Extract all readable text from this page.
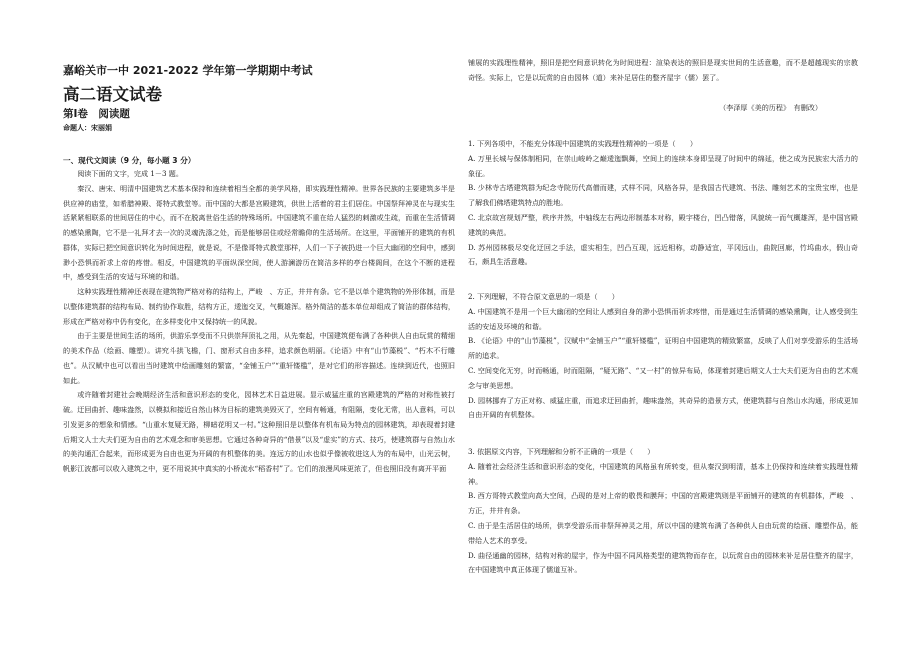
嘉峪关市一中 2021-2022 学年第一学期期中考试
高二语文试卷
第Ⅰ卷　阅读题
命题人：宋丽娟
一、现代文阅读（9 分，每小题 3 分）

阅读下面的文字，完成 1－3 题。

秦汉、唐宋、明清中国建筑艺术基本保持和连续着相当全都的美学风格，即实践理性精神。世界各民族的主要建筑多半是供应神的庙堂，如希腊神殿、哥特式教堂等。而中国的大都是宫殿建筑，供世上活着的君主们居住。中国祭拜神灵在与现实生活紧紧相联系的世间居住的中心，而不在脱离世俗生活的特殊场所。中国建筑不重在给人猛烈的刺激或生疏，而重在生活情调的感染熏陶，它不是一礼拜才去一次的灵魂洗涤之处，而是能够居住或经常瞻仰的生活场所。在这里，平面铺开的建筑的有机群体，实际已把空间意识转化为时间进程，就是说，不是像哥特式教堂那样，人们一下子被扔进一个巨大幽闭的空间中，感到渺小恐惧而祈求上帝的疼惜。相反，中国建筑的平面纵深空间，使人游澜游历在简洁多样的亭台楼阁间，在这个不断的进程中，感受到生活的安适与环境的和谐。

这种实践理性精神还表现在建筑物严格对称的结构上，严峻　、方正，井井有条。它不是以单个建筑物的外形体制，而是以整体建筑群的结构布局、制约协作取胜，结构方正，逶迤交叉，气概雄浑。格外简洁的基本单位却组成了简洁的群体结构，形成在严格对称中仍有变化，在多样变化中又保持统一的风貌。

由于主要是世间生活的场所，供游乐享受而不只供崇拜顶礼之用，从先秦起，中国建筑便布满了各种供人自由玩赏的精细的美术作品（绘画、雕塑）。讲究斗拱飞檐，门、窗形式自由多样，追求颜色明丽。《论语》中有“山节藻棁”、“朽木不行雕也”。从汉赋中也可以看出当时建筑中绘画雕刻的繁富，“金铺玉户”“重轩镂槛”，是对它们的形容描述。连续到近代，也照旧如此。

或许随着封建社会晚期经济生活和意识形态的变化，园林艺术日益进展。显示威猛庄重的宫殿建筑的严格的对称性被打破。迂回曲折、趣味盎然，以模拟和接近自然山林为目标的建筑美毁灭了，空间有畅通，有阻隔，变化无常，出人意料，可以引发更多的想象和情感。“山重水复疑无路，柳暗花明又一村。”这种照旧是以整体有机布局为特点的园林建筑，却表现着封建后期文人士大夫们更为自由的艺术观念和审美思想。它通过各种奇异的“借景”以及“虚实”的方式、技巧，使建筑群与自然山水的美沟通汇合起来，而形成更为自由也更为开阔的有机整体的美。连远方的山水也似乎像被收进这人为的布局中，山光云树，帆影江波都可以收入建筑之中，更不用说其中真实的小桥流水“稻香村”了。它们的浪漫风味更浓了，但也照旧没有离开平面

铺展的实践理性精神，照旧是把空间意识转化为时间进程：渲染表达的照旧是现实世间的生活意趣，而不是超越现实的宗教奇怪。实际上，它是以玩赏的自由园林（道）来补足居住的整齐屋宇（儒）罢了。

（李泽厚《美的历程》　有删改）
1. 下列各项中，不能充分体现中国建筑的实践理性精神的一项是（　　）
A. 万里长城与保体制相同，在崇山峻岭之巅逶迤飘舞，空间上的连续本身即呈现了时间中的绵延，使之成为民族宏大活力的象征。
B. 少林寺古塔建筑群为纪念寺院历代高僧而建，式样不同，风格各异，是我国古代建筑、书法、雕刻艺术的宝贵宝库，也是了解我们佛塔建筑特点的胜地。
C. 北京故宫规划严整，秩序井然，中轴线左右两边形制基本对称，殿宇楼台，凹凸错落，风貌统一而气概雄浑，是中国宫殿建筑的典范。
D. 苏州园林极尽变化迂回之手法，虚实相生，凹凸互现，远近相称，动静适宜，平冈远山，曲院回廊，竹坞曲水，假山奇石，颇具生活意趣。
2. 下列理解，不符合原文意思的一项是（　　）
A. 中国建筑不是用一个巨大幽闭的空间让人感到自身的渺小恐惧而祈求疼惜，而是通过生活情调的感染熏陶，让人感受到生活的安适及环境的和谐。
B. 《论语》中的“山节藻棁”，汉赋中“金铺玉户”“重轩镂槛”，证明自中国建筑的精致繁富，反映了人们对享受游乐的生活场所的追求。
C. 空间变化无穷，时而畅通，时而阻隔，“疑无路”、“又一村”的惊异布局，体现着封建后期文人士大夫们更为自由的艺术观念与审美思想。
D. 园林挪弃了方正对称、威猛庄重，而追求迂回曲折，趣味盎然，其奇异的造景方式，使建筑群与自然山水沟通，形成更加自由开阔的有机整体。
3. 依据原文内容，下列理解和分析不正确的一项是（　　）
A. 随着社会经济生活和意识形态的变化，中国建筑的风格虽有所转变，但从秦汉到明清，基本上仍保持和连续着实践理性精神。
B. 西方哥特式教堂向高大空间，凸现的是对上帝的敬畏和膜拜；中国的宫殿建筑则是平面铺开的建筑的有机群体，严峻　、方正，井井有条。
C. 由于是生活居住的场所，供享受游乐而非祭拜神灵之用，所以中国的建筑布满了各种供人自由玩赏的绘画、雕塑作品，能带给人艺术的享受。
D. 曲径通幽的园林，结构对称的屋宇，作为中国不同风格类型的建筑物而存在，以玩赏自由的园林来补足居住整齐的屋宇，在中国建筑中真正体现了儒道互补。
